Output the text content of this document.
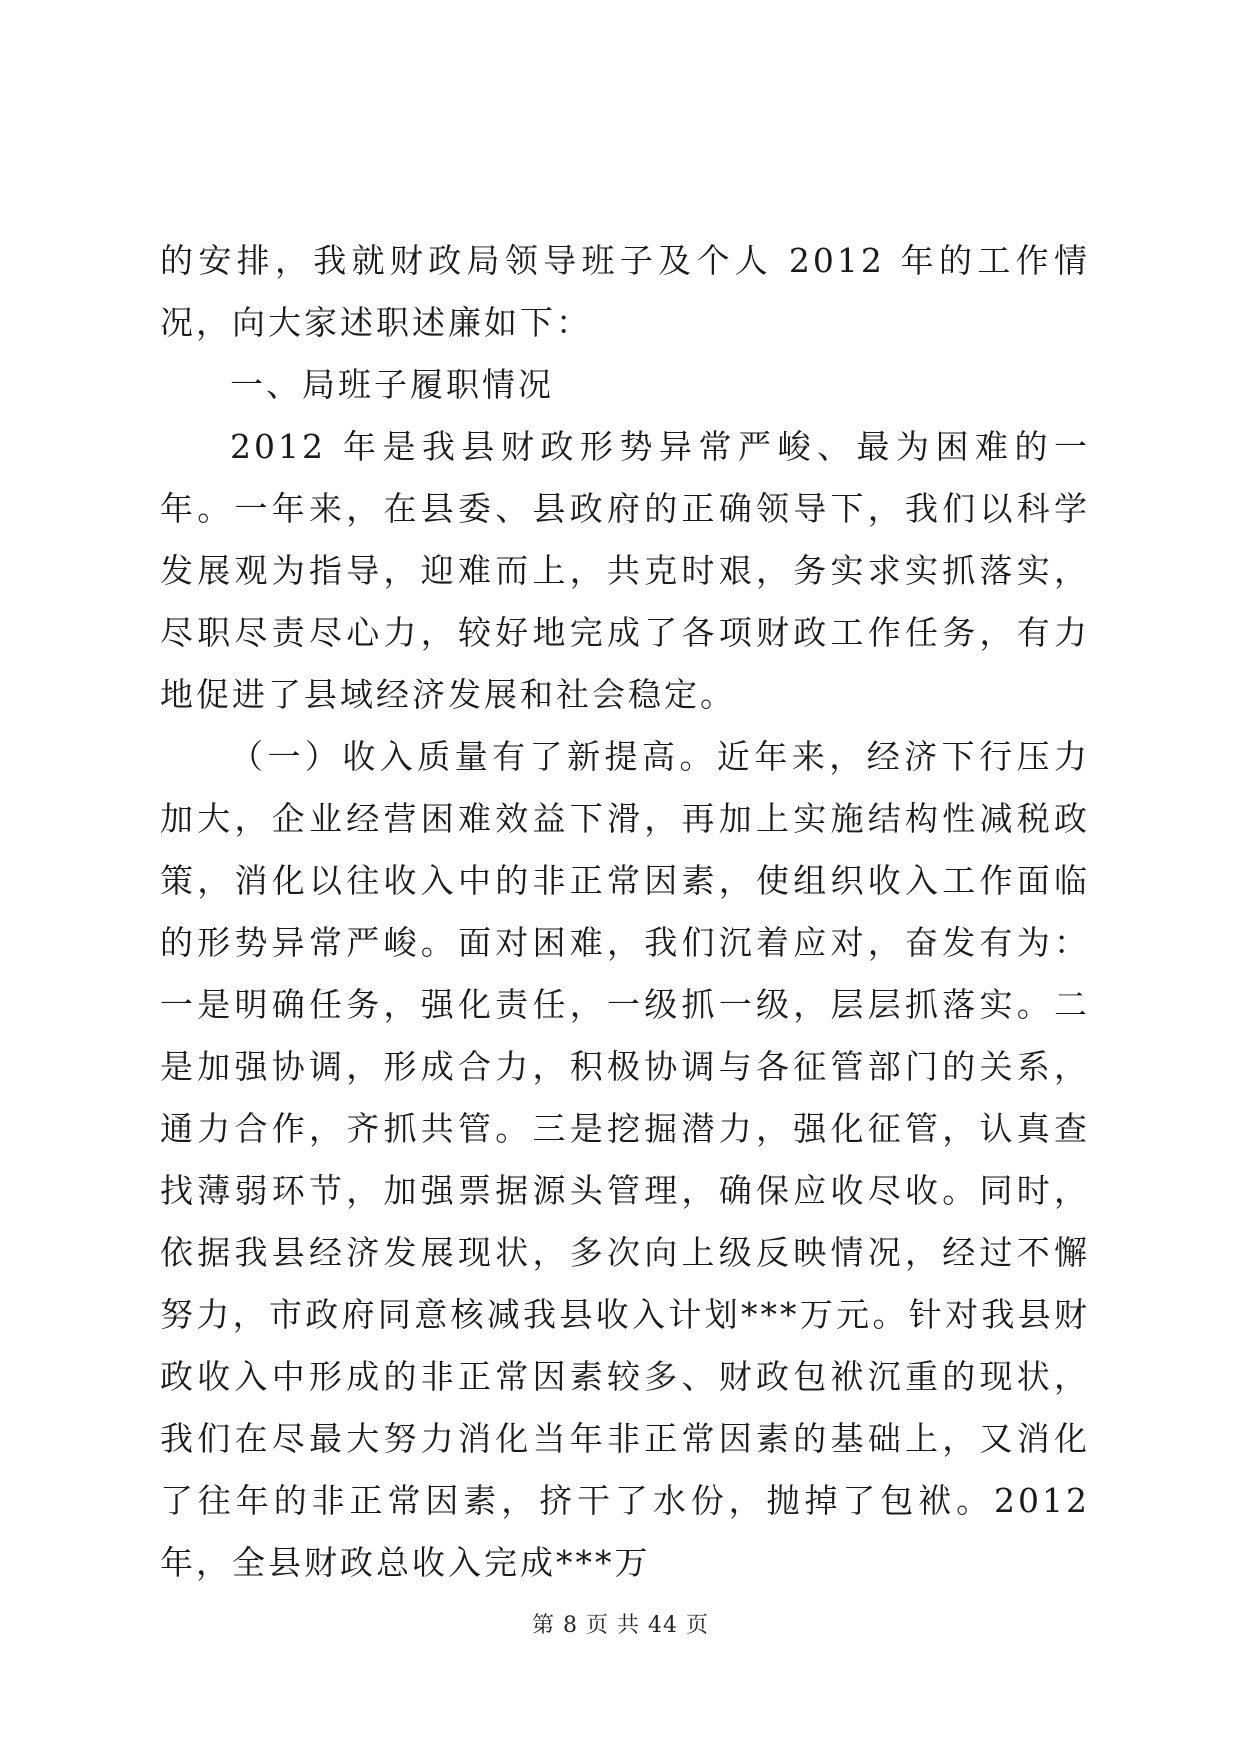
的安排，我就财政局领导班子及个人 2012 年的工作情况，向大家述职述廉如下：

一、局班子履职情况

2012 年是我县财政形势异常严峻、最为困难的一年。一年来，在县委、县政府的正确领导下，我们以科学发展观为指导，迎难而上，共克时艰，务实求实抓落实，尽职尽责尽心力，较好地完成了各项财政工作任务，有力地促进了县域经济发展和社会稳定。

（一）收入质量有了新提高。近年来，经济下行压力加大，企业经营困难效益下滑，再加上实施结构性减税政策，消化以往收入中的非正常因素，使组织收入工作面临的形势异常严峻。面对困难，我们沉着应对，奋发有为：一是明确任务，强化责任，一级抓一级，层层抓落实。二是加强协调，形成合力，积极协调与各征管部门的关系，通力合作，齐抓共管。三是挖掘潜力，强化征管，认真查找薄弱环节，加强票据源头管理，确保应收尽收。同时，依据我县经济发展现状，多次向上级反映情况，经过不懈努力，市政府同意核减我县收入计划***万元。针对我县财政收入中形成的非正常因素较多、财政包袱沉重的现状，我们在尽最大努力消化当年非正常因素的基础上，又消化了往年的非正常因素，挤干了水份，抛掉了包袱。2012 年，全县财政总收入完成***万

第 8 页 共 44 页
